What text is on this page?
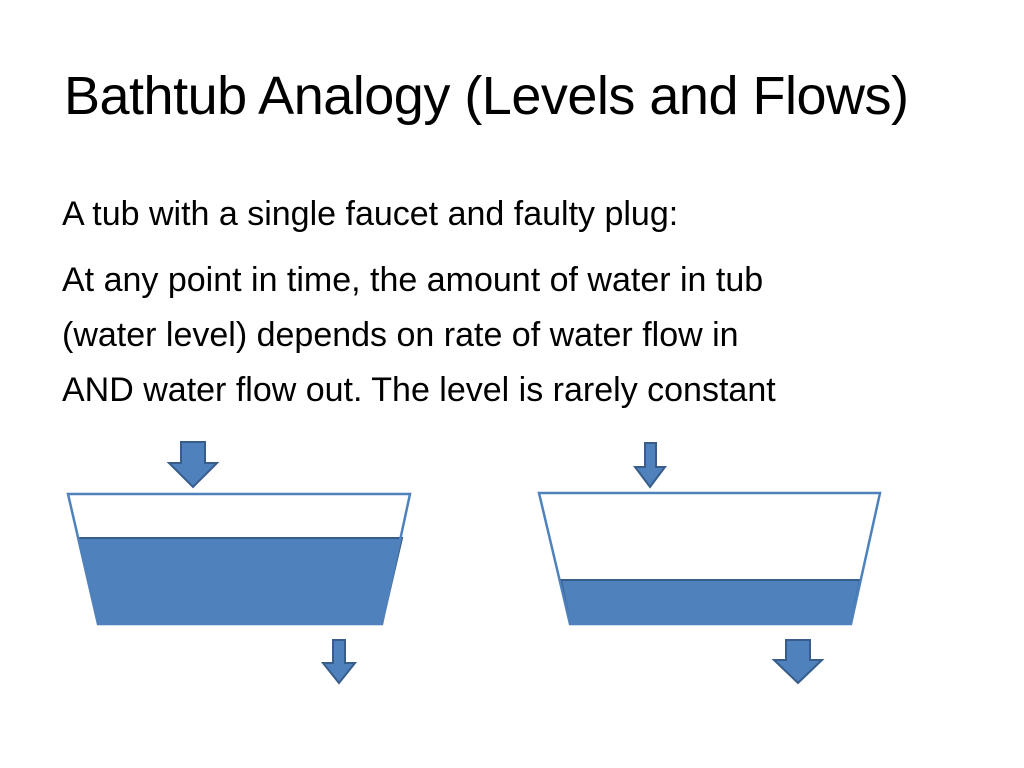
Bathtub Analogy (Levels and Flows)
A tub with a single faucet and faulty plug:
At any point in time, the amount of water in tub
(water level) depends on rate of water flow in
AND water flow out. The level is rarely constant
